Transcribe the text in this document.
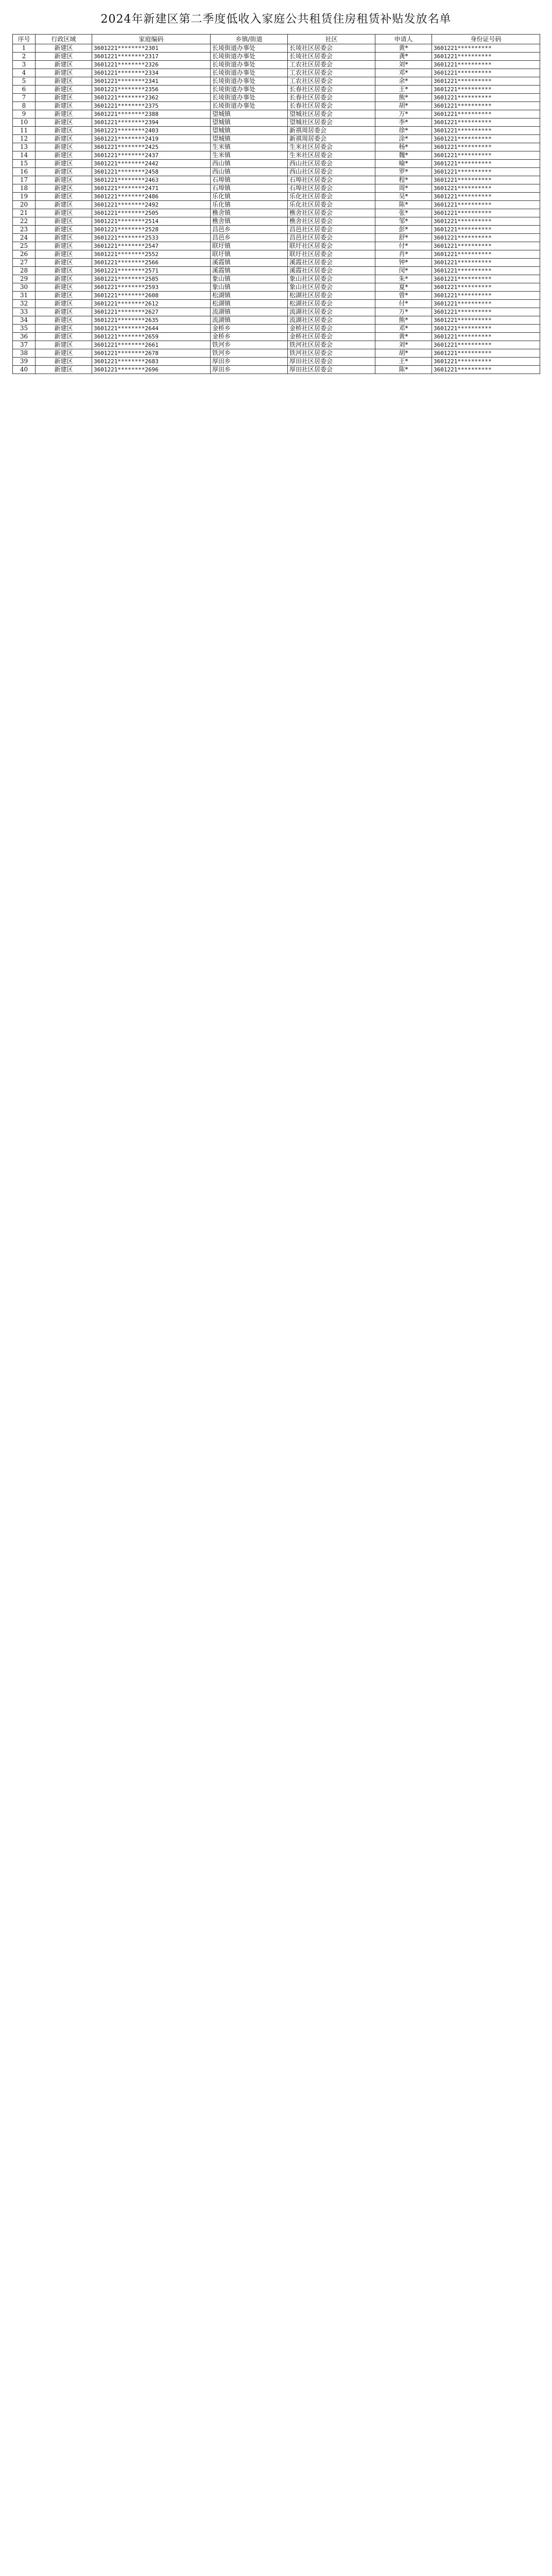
2024年新建区第二季度低收入家庭公共租赁住房租赁补贴发放名单
序号	行政区域	家庭编码	乡镇/街道	社区	申请人	身份证号码
1	新建区	3601221********2301	长堎街道办事处	长堎社区居委会	黄*	3601221**********
2	新建区	3601221********2317	长堎街道办事处	长堎社区居委会	龚*	3601221**********
3	新建区	3601221********2326	长堎街道办事处	工农社区居委会	刘*	3601221**********
4	新建区	3601221********2334	长堎街道办事处	工农社区居委会	邓*	3601221**********
5	新建区	3601221********2341	长堎街道办事处	工农社区居委会	余*	3601221**********
6	新建区	3601221********2356	长堎街道办事处	长春社区居委会	王*	3601221**********
7	新建区	3601221********2362	长堎街道办事处	长春社区居委会	熊*	3601221**********
8	新建区	3601221********2375	长堎街道办事处	长春社区居委会	胡*	3601221**********
9	新建区	3601221********2388	望城镇	望城社区居委会	万*	3601221**********
10	新建区	3601221********2394	望城镇	望城社区居委会	李*	3601221**********
11	新建区	3601221********2403	望城镇	新祺周居委会	徐*	3601221**********
12	新建区	3601221********2419	望城镇	新祺周居委会	涂*	3601221**********
13	新建区	3601221********2425	生米镇	生米社区居委会	杨*	3601221**********
14	新建区	3601221********2437	生米镇	生米社区居委会	魏*	3601221**********
15	新建区	3601221********2442	西山镇	西山社区居委会	喻*	3601221**********
16	新建区	3601221********2458	西山镇	西山社区居委会	罗*	3601221**********
17	新建区	3601221********2463	石埠镇	石埠社区居委会	程*	3601221**********
18	新建区	3601221********2471	石埠镇	石埠社区居委会	周*	3601221**********
19	新建区	3601221********2486	乐化镇	乐化社区居委会	吴*	3601221**********
20	新建区	3601221********2492	乐化镇	乐化社区居委会	陈*	3601221**********
21	新建区	3601221********2505	樵舍镇	樵舍社区居委会	张*	3601221**********
22	新建区	3601221********2514	樵舍镇	樵舍社区居委会	邹*	3601221**********
23	新建区	3601221********2528	昌邑乡	昌邑社区居委会	彭*	3601221**********
24	新建区	3601221********2533	昌邑乡	昌邑社区居委会	舒*	3601221**********
25	新建区	3601221********2547	联圩镇	联圩社区居委会	付*	3601221**********
26	新建区	3601221********2552	联圩镇	联圩社区居委会	肖*	3601221**********
27	新建区	3601221********2566	溪霞镇	溪霞社区居委会	钟*	3601221**********
28	新建区	3601221********2571	溪霞镇	溪霞社区居委会	闵*	3601221**********
29	新建区	3601221********2585	象山镇	象山社区居委会	朱*	3601221**********
30	新建区	3601221********2593	象山镇	象山社区居委会	夏*	3601221**********
31	新建区	3601221********2608	松湖镇	松湖社区居委会	曾*	3601221**********
32	新建区	3601221********2612	松湖镇	松湖社区居委会	付*	3601221**********
33	新建区	3601221********2627	流湖镇	流湖社区居委会	万*	3601221**********
34	新建区	3601221********2635	流湖镇	流湖社区居委会	熊*	3601221**********
35	新建区	3601221********2644	金桥乡	金桥社区居委会	邓*	3601221**********
36	新建区	3601221********2659	金桥乡	金桥社区居委会	黄*	3601221**********
37	新建区	3601221********2661	铁河乡	铁河社区居委会	刘*	3601221**********
38	新建区	3601221********2678	铁河乡	铁河社区居委会	胡*	3601221**********
39	新建区	3601221********2683	厚田乡	厚田社区居委会	王*	3601221**********
40	新建区	3601221********2696	厚田乡	厚田社区居委会	陈*	3601221**********
